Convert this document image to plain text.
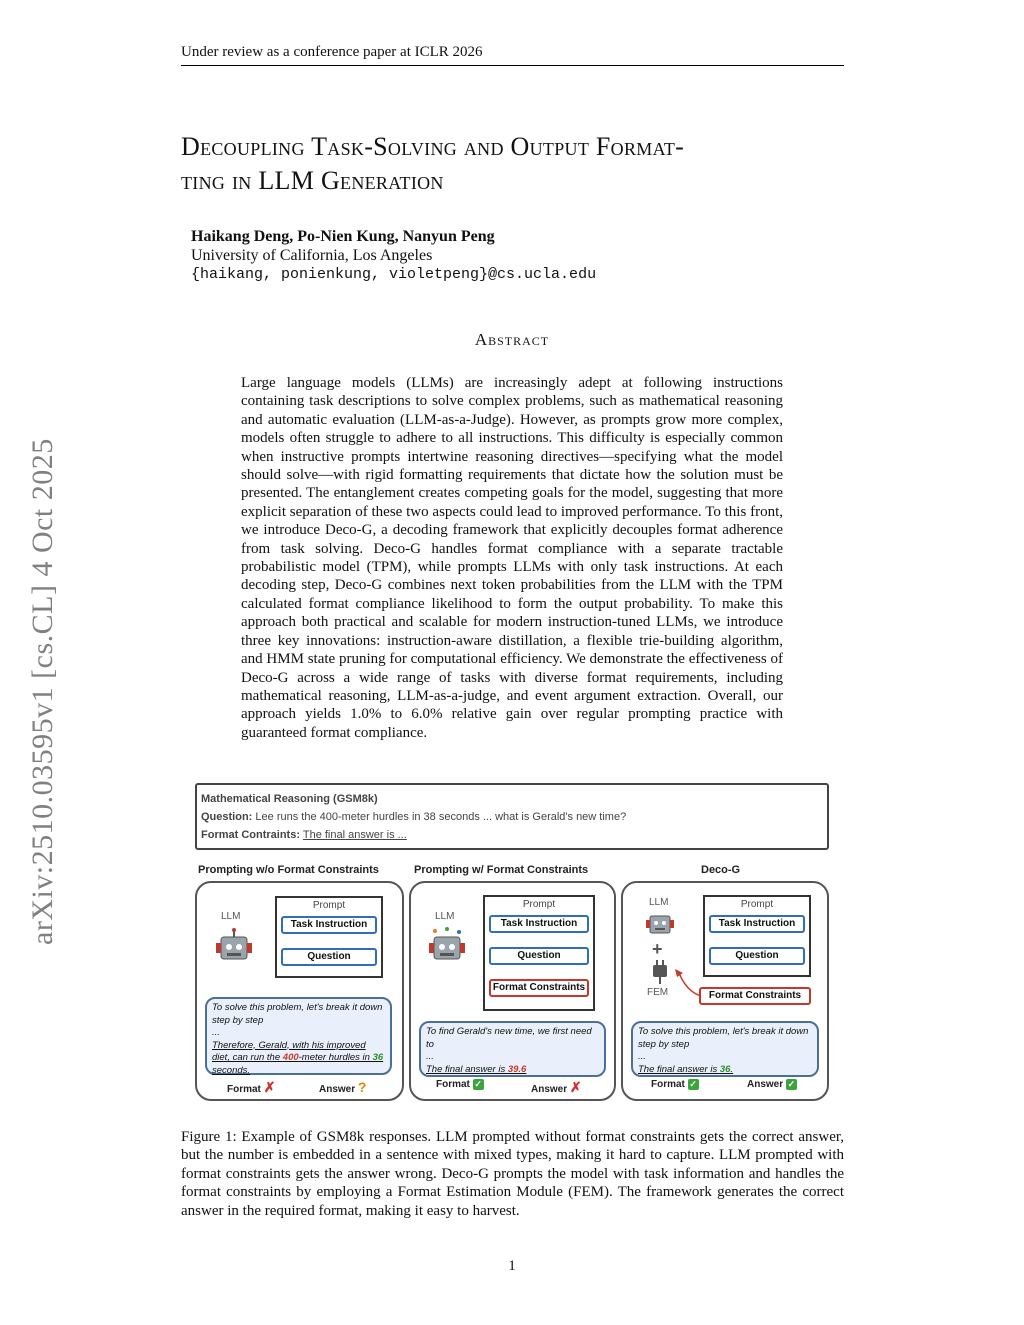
Under review as a conference paper at ICLR 2026
Decoupling Task-Solving and Output Format-
ting in LLM Generation
Haikang Deng, Po-Nien Kung, Nanyun Peng
University of California, Los Angeles
{haikang, ponienkung, violetpeng}@cs.ucla.edu
Abstract
Large language models (LLMs) are increasingly adept at following instructions containing task descriptions to solve complex problems, such as mathematical reasoning and automatic evaluation (LLM-as-a-Judge). However, as prompts grow more complex, models often struggle to adhere to all instructions. This difficulty is especially common when instructive prompts intertwine reasoning directives—specifying what the model should solve—with rigid formatting requirements that dictate how the solution must be presented. The entanglement creates competing goals for the model, suggesting that more explicit separation of these two aspects could lead to improved performance. To this front, we introduce Deco-G, a decoding framework that explicitly decouples format adherence from task solving. Deco-G handles format compliance with a separate tractable probabilistic model (TPM), while prompts LLMs with only task instructions. At each decoding step, Deco-G combines next token probabilities from the LLM with the TPM calculated format compliance likelihood to form the output probability. To make this approach both practical and scalable for modern instruction-tuned LLMs, we introduce three key innovations: instruction-aware distillation, a flexible trie-building algorithm, and HMM state pruning for computational efficiency. We demonstrate the effectiveness of Deco-G across a wide range of tasks with diverse format requirements, including mathematical reasoning, LLM-as-a-judge, and event argument extraction. Overall, our approach yields 1.0% to 6.0% relative gain over regular prompting practice with guaranteed format compliance.
arXiv:2510.03595v1 [cs.CL] 4 Oct 2025	Mathematical Reasoning (GSM8k)
Question: Lee runs the 400-meter hurdles in 38 seconds ... what is Gerald's new time?
Format Contraints: The final answer is ...
Prompting w/o Format Constraints
LLM
Prompt
Task Instruction
Question
To solve this problem, let's break it down step by step
...
Therefore, Gerald, with his improved diet, can run the 400-meter hurdles in 36 seconds.
Format ✗	Answer ?
Prompting w/ Format Constraints
LLM
Prompt
Task Instruction
Question
Format Constraints
To find Gerald's new time, we first need to
...
The final answer is 39.6
Format ✓	Answer ✗
Deco-G
LLM
+
FEM
Prompt
Task Instruction
Question
Format Constraints
To solve this problem, let's break it down step by step
...
The final answer is 36.
Format ✓	Answer ✓
Figure 1: Example of GSM8k responses. LLM prompted without format constraints gets the correct answer, but the number is embedded in a sentence with mixed types, making it hard to capture. LLM prompted with format constraints gets the answer wrong. Deco-G prompts the model with task information and handles the format constraints by employing a Format Estimation Module (FEM). The framework generates the correct answer in the required format, making it easy to harvest.
1
